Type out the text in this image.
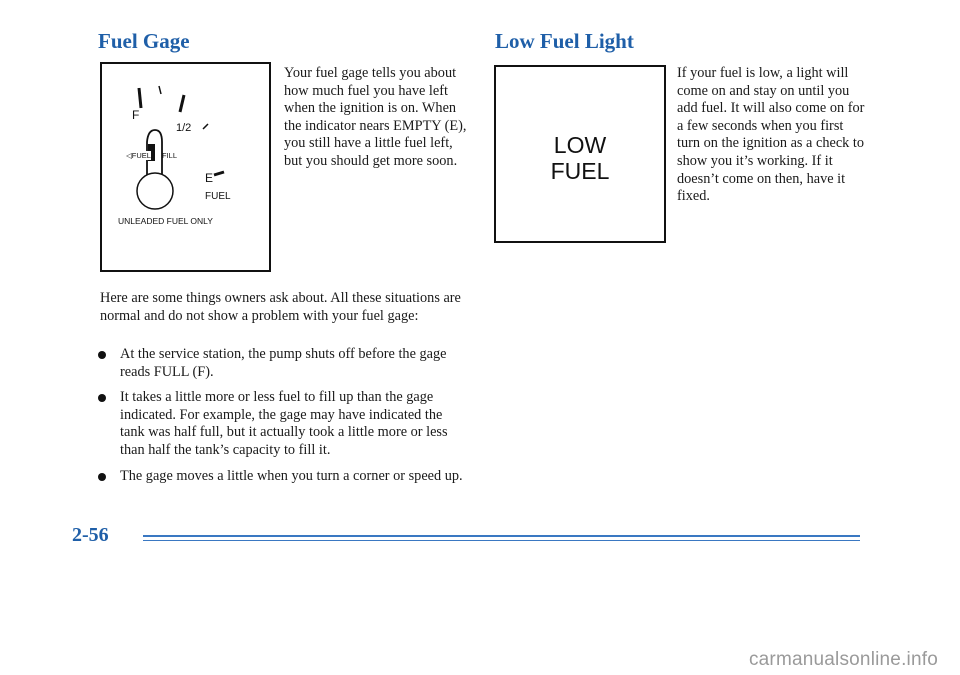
Fuel Gage
F
1/2
◁FUEL FILL
E
FUEL
UNLEADED FUEL ONLY

Your fuel gage tells you about how much fuel you have left when the ignition is on. When the indicator nears EMPTY (E), you still have a little fuel left, but you should get more soon.

Here are some things owners ask about. All these situations are normal and do not show a problem with your fuel gage:

At the service station, the pump shuts off before the gage reads FULL (F).
It takes a little more or less fuel to fill up than the gage indicated. For example, the gage may have indicated the tank was half full, but it actually took a little more or less than half the tank’s capacity to fill it.
The gage moves a little when you turn a corner or speed up.
Low Fuel Light
LOW
FUEL

If your fuel is low, a light will come on and stay on until you add fuel. It will also come on for a few seconds when you first turn on the ignition as a check to show you it’s working. If it doesn’t come on then, have it fixed.

2-56

carmanualsonline.info
